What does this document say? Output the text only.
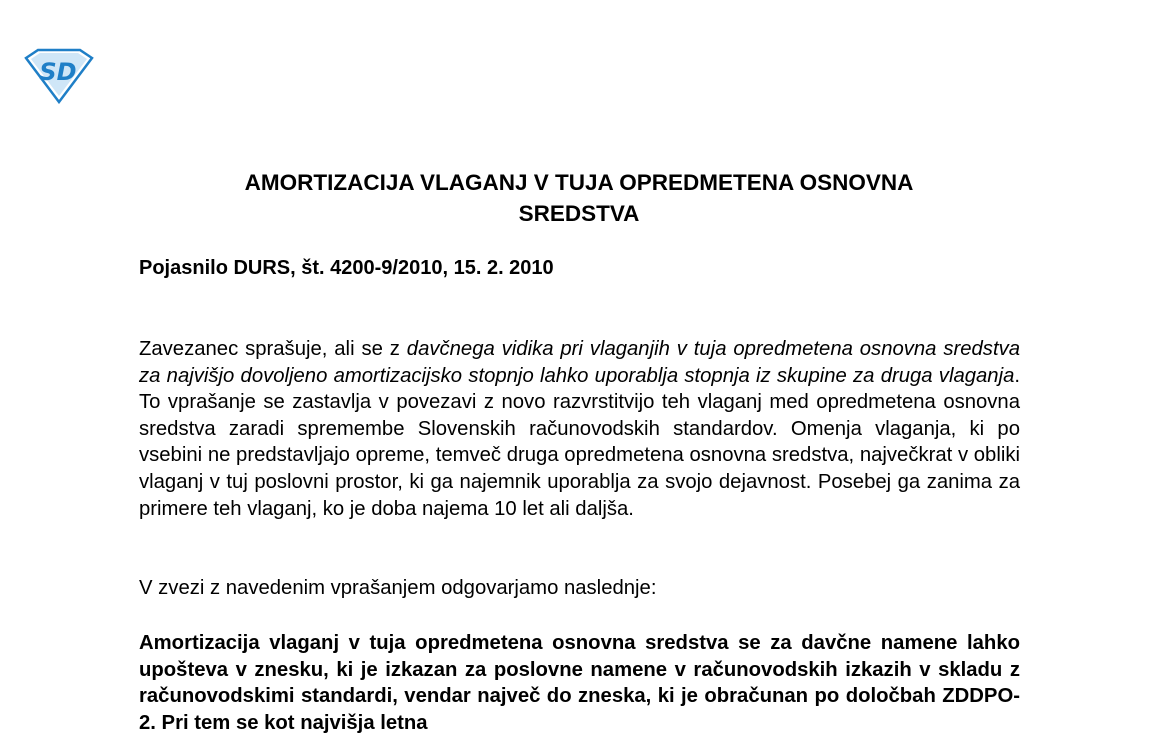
SD
AMORTIZACIJA VLAGANJ V TUJA OPREDMETENA OSNOVNA
SREDSTVA
Pojasnilo DURS, št. 4200-9/2010, 15. 2. 2010

Zavezanec sprašuje, ali se z davčnega vidika pri vlaganjih v tuja opredmetena osnovna sredstva za najvišjo dovoljeno amortizacijsko stopnjo lahko uporablja stopnja iz skupine za druga vlaganja. To vprašanje se zastavlja v povezavi z novo razvrstitvijo teh vlaganj med opredmetena osnovna sredstva zaradi spremembe Slovenskih računovodskih standardov. Omenja vlaganja, ki po vsebini ne predstavljajo opreme, temveč druga opredmetena osnovna sredstva, največkrat v obliki vlaganj v tuj poslovni prostor, ki ga najemnik uporablja za svojo dejavnost. Posebej ga zanima za primere teh vlaganj, ko je doba najema 10 let ali daljša.

V zvezi z navedenim vprašanjem odgovarjamo naslednje:

Amortizacija vlaganj v tuja opredmetena osnovna sredstva se za davčne namene lahko upošteva v znesku, ki je izkazan za poslovne namene v računovodskih izkazih v skladu z računovodskimi standardi, vendar največ do zneska, ki je obračunan po določbah ZDDPO-2. Pri tem se kot najvišja letna
